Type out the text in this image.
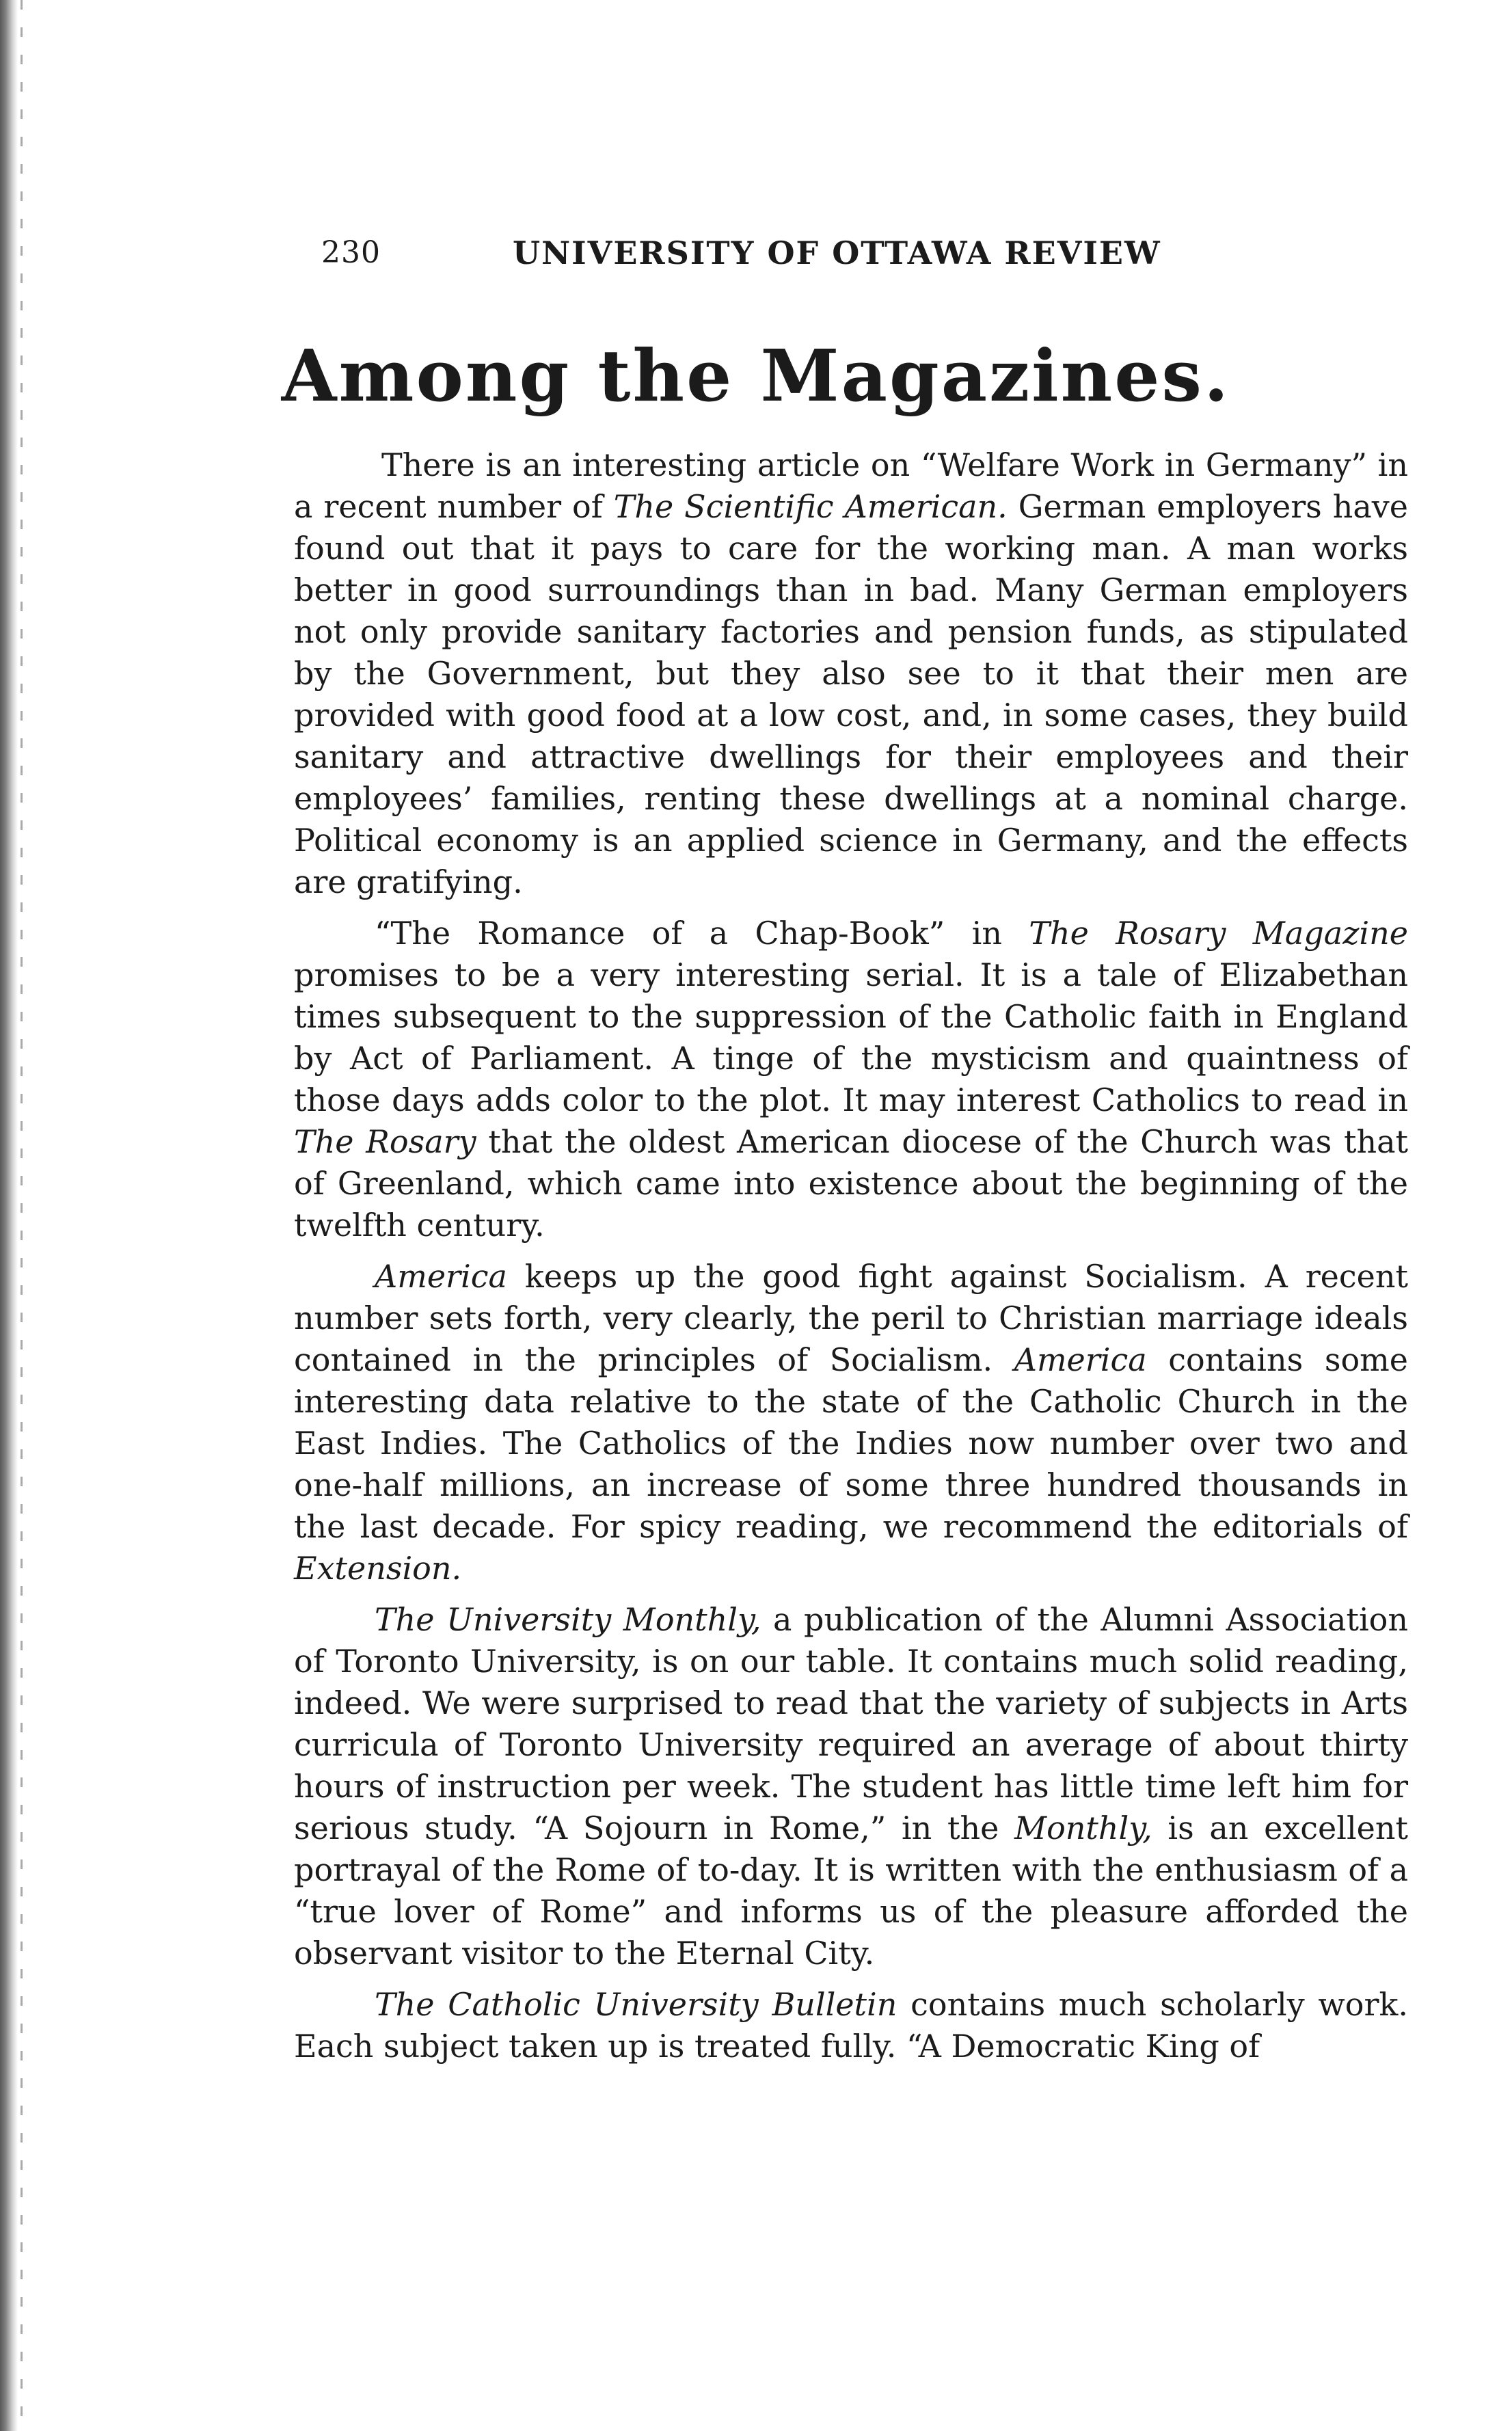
230	UNIVERSITY OF OTTAWA REVIEW
Among the Magazines.

There is an interesting article on “Welfare Work in Germany” in a recent number of The Scientific American. German employers have found out that it pays to care for the working man. A man works better in good surroundings than in bad. Many German employers not only provide sanitary factories and pension funds, as stipulated by the Government, but they also see to it that their men are provided with good food at a low cost, and, in some cases, they build sanitary and attractive dwellings for their employees and their employees’ families, renting these dwellings at a nominal charge. Political economy is an applied science in Germany, and the effects are gratifying.

“The Romance of a Chap-Book” in The Rosary Magazine promises to be a very interesting serial. It is a tale of Elizabethan times subsequent to the suppression of the Catholic faith in England by Act of Parliament. A tinge of the mysticism and quaintness of those days adds color to the plot. It may interest Catholics to read in The Rosary that the oldest American diocese of the Church was that of Greenland, which came into existence about the beginning of the twelfth century.

America keeps up the good fight against Socialism. A recent number sets forth, very clearly, the peril to Christian marriage ideals contained in the principles of Socialism. America contains some interesting data relative to the state of the Catholic Church in the East Indies. The Catholics of the Indies now number over two and one-half millions, an increase of some three hundred thousands in the last decade. For spicy reading, we recommend the editorials of Extension.

The University Monthly, a publication of the Alumni Association of Toronto University, is on our table. It contains much solid reading, indeed. We were surprised to read that the variety of subjects in Arts curricula of Toronto University required an average of about thirty hours of instruction per week. The student has little time left him for serious study. “A Sojourn in Rome,” in the Monthly, is an excellent portrayal of the Rome of to-day. It is written with the enthusiasm of a “true lover of Rome” and informs us of the pleasure afforded the observant visitor to the Eternal City.

The Catholic University Bulletin contains much scholarly work. Each subject taken up is treated fully. “A Democratic King of
